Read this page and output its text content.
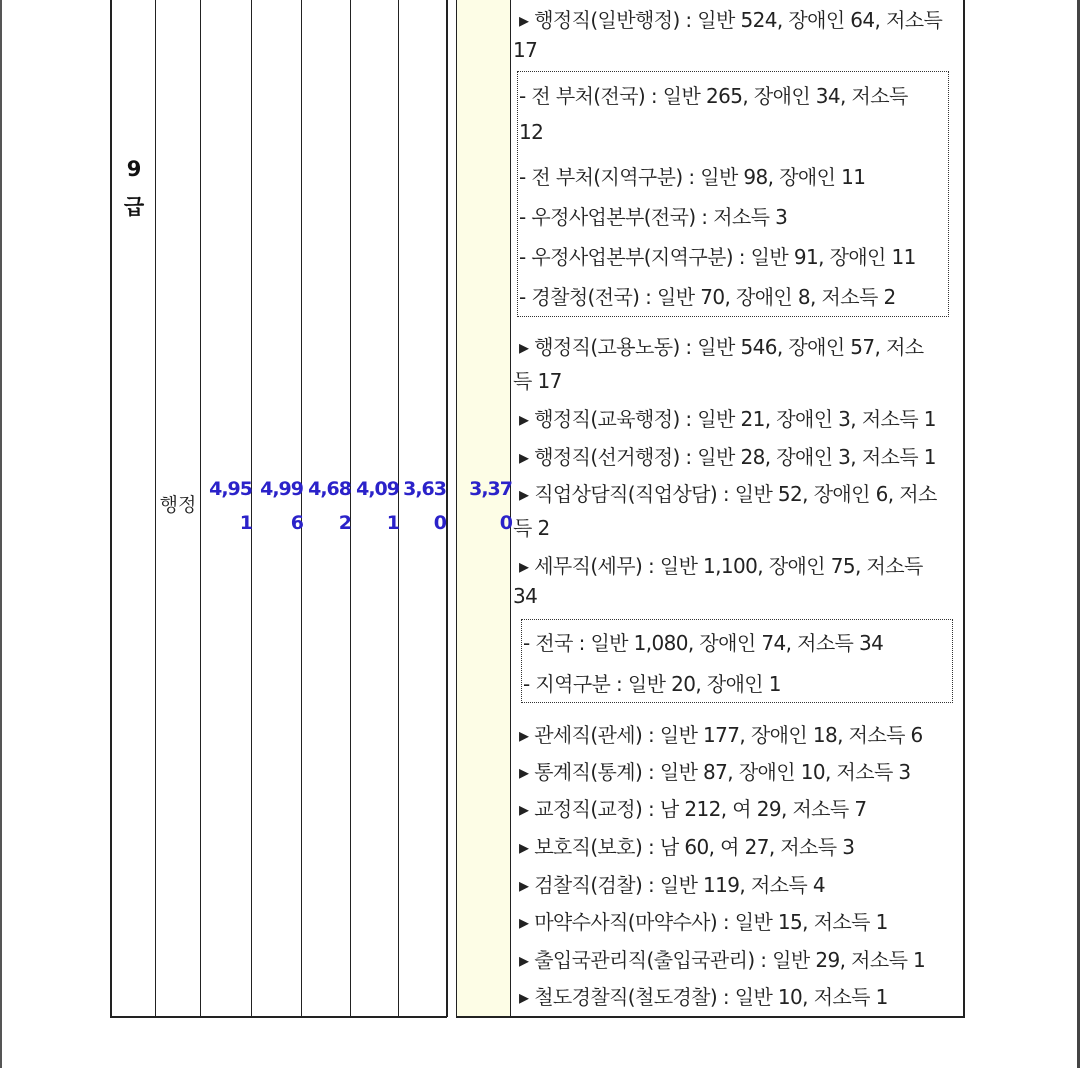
9
급
행정
4,95
1
4,99
6
4,68
2
4,09
1
3,63
0
3,37
0
▸ 행정직(일반행정) : 일반 524, 장애인 64, 저소득
17
- 전 부처(전국) : 일반 265, 장애인 34, 저소득
12
- 전 부처(지역구분) : 일반 98, 장애인 11
- 우정사업본부(전국) : 저소득 3
- 우정사업본부(지역구분) : 일반 91, 장애인 11
- 경찰청(전국) : 일반 70, 장애인 8, 저소득 2
▸ 행정직(고용노동) : 일반 546, 장애인 57, 저소
득 17
▸ 행정직(교육행정) : 일반 21, 장애인 3, 저소득 1
▸ 행정직(선거행정) : 일반 28, 장애인 3, 저소득 1
▸ 직업상담직(직업상담) : 일반 52, 장애인 6, 저소
득 2
▸ 세무직(세무) : 일반 1,100, 장애인 75, 저소득
34
- 전국 : 일반 1,080, 장애인 74, 저소득 34
- 지역구분 : 일반 20, 장애인 1
▸ 관세직(관세) : 일반 177, 장애인 18, 저소득 6
▸ 통계직(통계) : 일반 87, 장애인 10, 저소득 3
▸ 교정직(교정) : 남 212, 여 29, 저소득 7
▸ 보호직(보호) : 남 60, 여 27, 저소득 3
▸ 검찰직(검찰) : 일반 119, 저소득 4
▸ 마약수사직(마약수사) : 일반 15, 저소득 1
▸ 출입국관리직(출입국관리) : 일반 29, 저소득 1
▸ 철도경찰직(철도경찰) : 일반 10, 저소득 1
